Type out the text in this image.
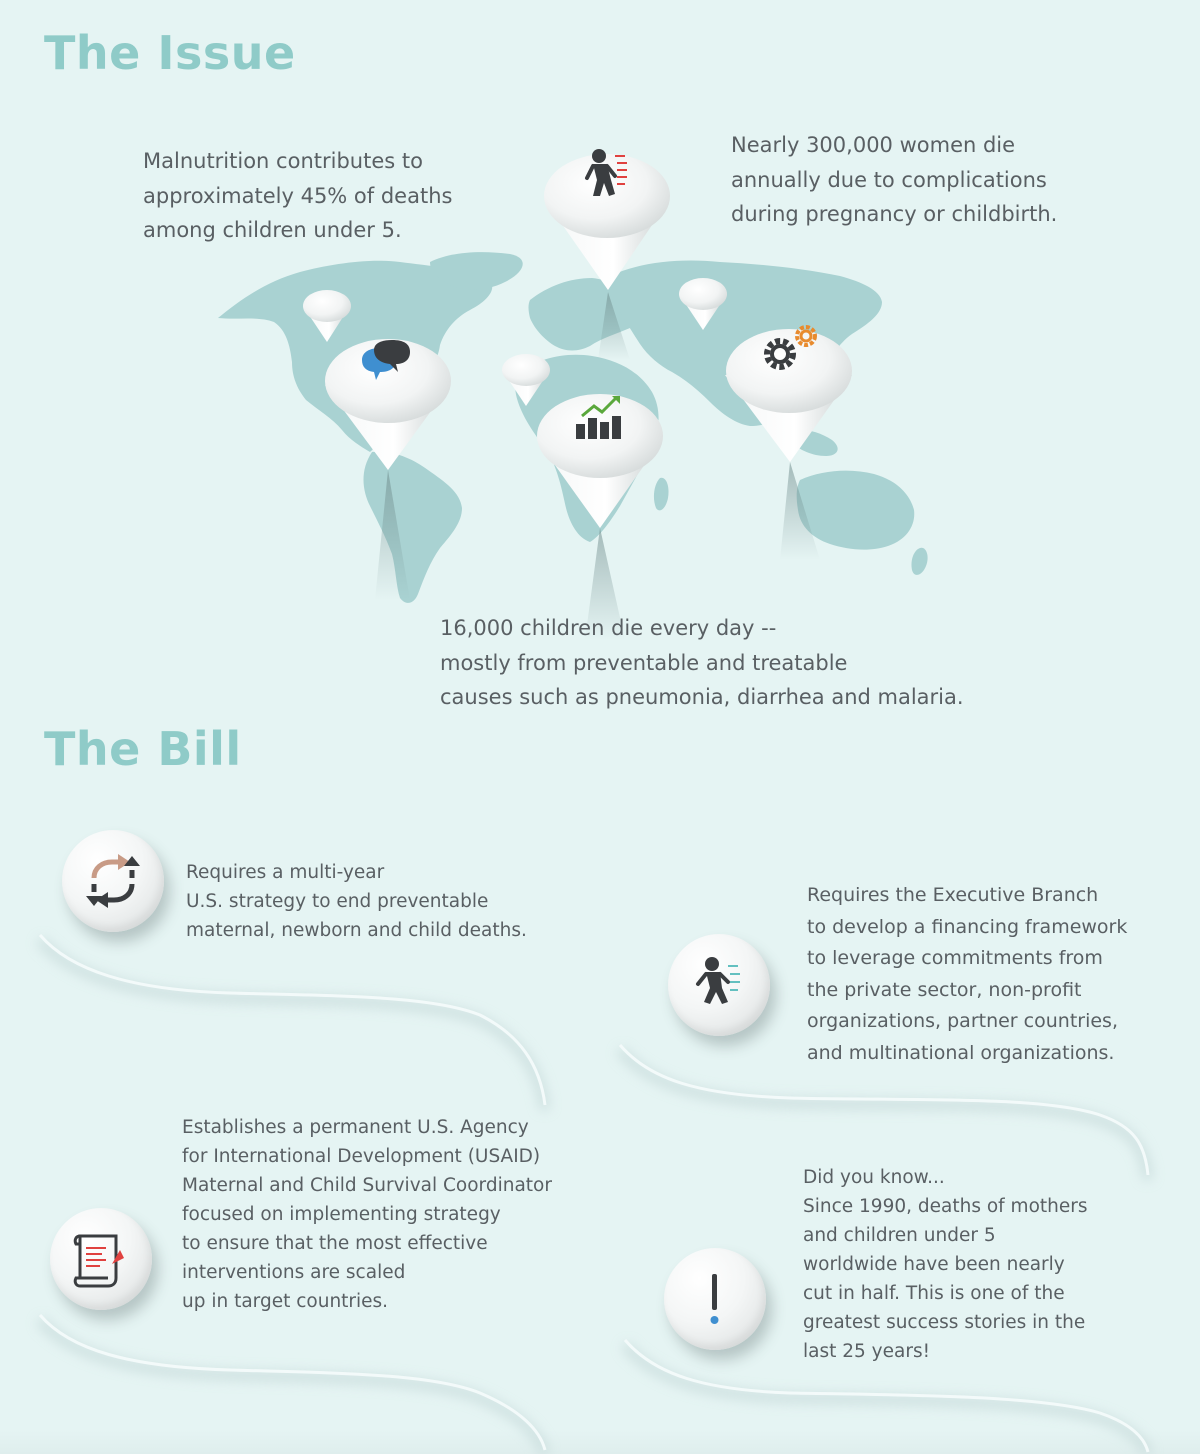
The Issue
The Bill

Malnutrition contributes to
approximately 45% of deaths
among children under 5.

Nearly 300,000 women die
annually due to complications
during pregnancy or childbirth.

16,000 children die every day --
mostly from preventable and treatable
causes such as pneumonia, diarrhea and malaria.

Requires a multi-year
U.S. strategy to end preventable
maternal, newborn and child deaths.

Requires the Executive Branch
to develop a financing framework
to leverage commitments from
the private sector, non-profit
organizations, partner countries,
and multinational organizations.

Establishes a permanent U.S. Agency
for International Development (USAID)
Maternal and Child Survival Coordinator
focused on implementing strategy
to ensure that the most effective
interventions are scaled
up in target countries.

Did you know...
Since 1990, deaths of mothers
and children under 5
worldwide have been nearly
cut in half. This is one of the
greatest success stories in the
last 25 years!
